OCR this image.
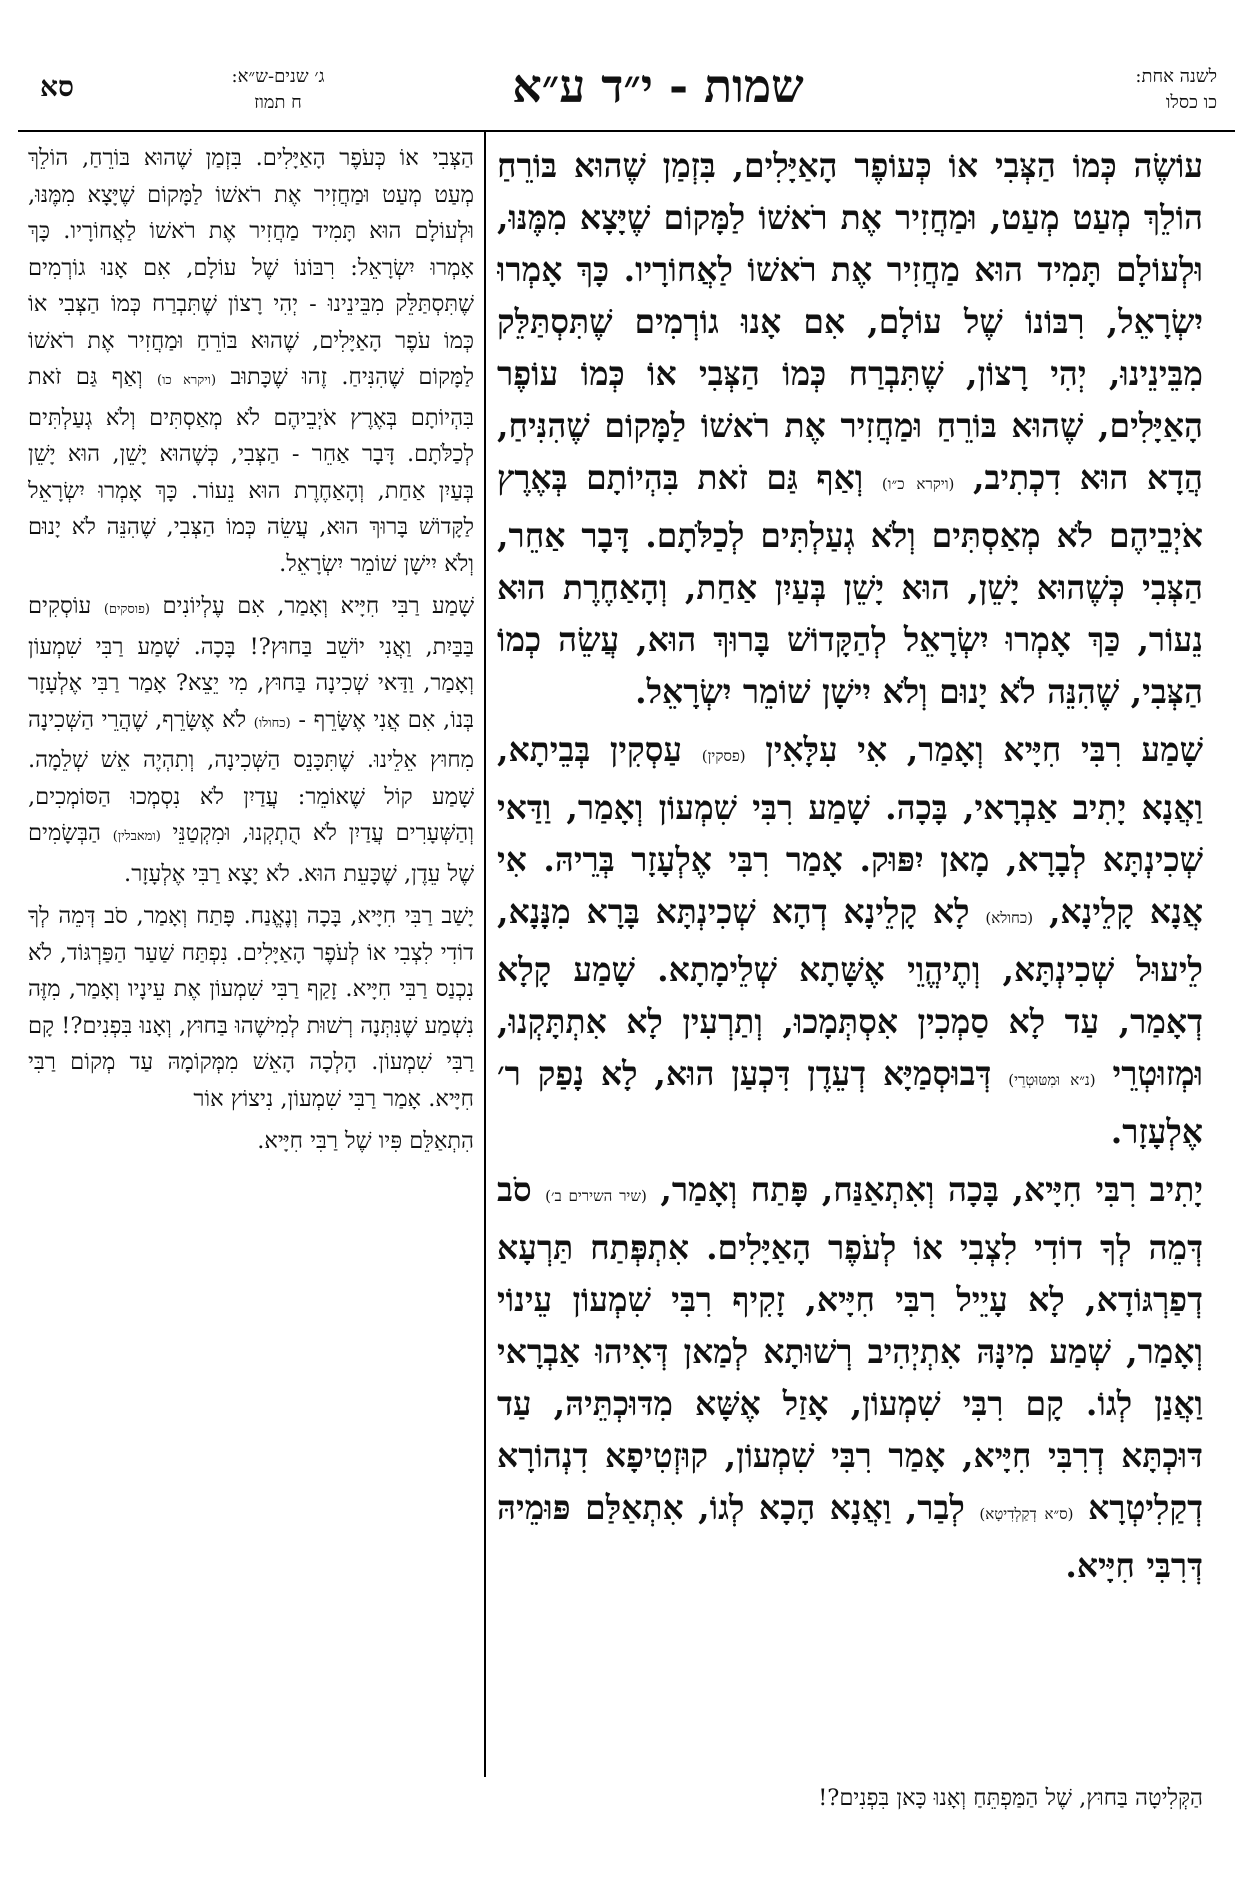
סא	ג׳ שנים-ש״א:
ח תמוז	שמות - י״ד ע״א	לשנה אחת:
כו כסלו

עוֹשֶׂה כְּמוֹ הַצְּבִי אוֹ כְּעוֹפֶר הָאַיָּלִים, בִּזְמַן שֶׁהוּא בּוֹרֵחַ הוֹלֵךְ מְעַט מְעַט, וּמַחֲזִיר אֶת רֹאשׁוֹ לַמָּקוֹם שֶׁיָּצָא מִמֶּנּוּ, וּלְעוֹלָם תָּמִיד הוּא מַחֲזִיר אֶת רֹאשׁוֹ לַאֲחוֹרָיו. כָּךְ אָמְרוּ יִשְׂרָאֵל, רִבּוֹנוֹ שֶׁל עוֹלָם, אִם אָנוּ גוֹרְמִים שֶׁתִּסְתַּלֵּק מִבֵּינֵינוּ, יְהִי רָצוֹן, שֶׁתִּבְרַח כְּמוֹ הַצְּבִי אוֹ כְּמוֹ עוֹפֶר הָאַיָּלִים, שֶׁהוּא בּוֹרֵחַ וּמַחֲזִיר אֶת רֹאשׁוֹ לַמָּקוֹם שֶׁהִנִּיחַ, הֲדָא הוּא דִכְתִיב, (ויקרא כ״ו) וְאַף גַּם זֹאת בִּהְיוֹתָם בְּאֶרֶץ אֹיְבֵיהֶם לֹא מְאַסְתִּים וְלֹא גְעַלְתִּים לְכַלֹּתָם. דָּבָר אַחֵר, הַצְּבִי כְּשֶׁהוּא יָשֵׁן, הוּא יָשֵׁן בְּעַיִן אַחַת, וְהָאַחֶרֶת הוּא נֵעוֹר, כַּךְ אָמְרוּ יִשְׂרָאֵל לְהַקָּדוֹשׁ בָּרוּךְ הוּא, עֲשֵׂה כְמוֹ הַצְּבִי, שֶׁהִנֵּה לֹא יָנוּם וְלֹא יִישָׁן שׁוֹמֵר יִשְׂרָאֵל.

שָׁמַע רִבִּי חִיָּיא וְאָמַר, אִי עִלָּאִין (פסקין) עַסְקִין בְּבֵיתָא, וַאֲנָא יָתִיב אַבְרָאי, בָּכָה. שָׁמַע רִבִּי שִׁמְעוֹן וְאָמַר, וַדַּאי שְׁכִינְתָּא לְבָרָא, מָאן יִפּוּק. אָמַר רִבִּי אֶלְעָזָר בְּרֵיהּ. אִי אֲנָא קָלֵינָא, (כחולא) לָא קָלֵינָא דְהָא שְׁכִינְתָּא בָּרָא מִנָּנָא, לֵיעוּל שְׁכִינְתָּא, וְתֶיהֱוֵי אֶשָּׁתָא שְׁלֵימָתָא. שָׁמַע קָלָא דְאָמַר, עַד לָא סַמְכִין אִסְתְּמָכוּ, וְתַרְעִין לָא אִתְתָּקְנוּ, וּמְזוּטְרֵי (נ״א וּמִטּוּטְרֵי) דְּבוּסְמַיָּא דְעֵדֶן דִּכְעַן הוּא, לָא נָפַק ר׳ אֶלְעָזָר.

יָתִיב רִבִּי חִיָּיא, בָּכָה וְאִתְאַנַּח, פָּתַח וְאָמַר, (שיר השירים ב׳) סֹב דְּמֵה לְךָ דוֹדִי לִצְבִי אוֹ לְעֹפֶר הָאַיָּלִים. אִתְפְּתַח תַּרְעָא דְפַרְגּוֹדָא, לָא עָיֵיל רִבִּי חִיָּיא, זָקִיף רִבִּי שִׁמְעוֹן עֵינוֹי וְאָמַר, שְׁמַע מִינָּהּ אִתְיְהִיב רְשׁוּתָא לְמַאן דְּאִיהוּ אַבְרָאי וַאֲנַן לְגוֹ. קָם רִבִּי שִׁמְעוֹן, אָזַל אֶשָּׁא מִדּוּכְתֵּיהּ, עַד דּוּכְתָּא דְרִבִּי חִיָּיא, אָמַר רִבִּי שִׁמְעוֹן, קוּזְטִיפָא דִנְהוֹרָא דְקַלִיטְרָא (ס״א דְקַלְדִיטָא) לְבַר, וַאֲנָא הָכָא לְגוֹ, אִתְאַלַּם פּוּמֵיהּ דְּרִבִּי חִיָּיא.

הַצְּבִי אוֹ כְּעֹפֶר הָאַיָּלִים. בִּזְמַן שֶׁהוּא בּוֹרֵחַ, הוֹלֵךְ מְעַט מְעַט וּמַחֲזִיר אֶת רֹאשׁוֹ לַמָּקוֹם שֶׁיָּצָא מִמֶּנּוּ, וּלְעוֹלָם הוּא תָּמִיד מַחֲזִיר אֶת רֹאשׁוֹ לַאֲחוֹרָיו. כָּךְ אָמְרוּ יִשְׂרָאֵל: רִבּוֹנוֹ שֶׁל עוֹלָם, אִם אָנוּ גוֹרְמִים שֶׁתִּסְתַּלֵּק מִבֵּינֵינוּ - יְהִי רָצוֹן שֶׁתִּבְרַח כְּמוֹ הַצְּבִי אוֹ כְּמוֹ עֹפֶר הָאַיָּלִים, שֶׁהוּא בּוֹרֵחַ וּמַחֲזִיר אֶת רֹאשׁוֹ לַמָּקוֹם שֶׁהִנִּיחַ. זֶהוּ שֶׁכָּתוּב (ויקרא כו) וְאַף גַּם זֹאת בִּהְיוֹתָם בְּאֶרֶץ אֹיְבֵיהֶם לֹא מְאַסְתִּים וְלֹא גְעַלְתִּים לְכַלֹּתָם. דָּבָר אַחֵר - הַצְּבִי, כְּשֶׁהוּא יָשֵׁן, הוּא יָשֵׁן בְּעַיִן אַחַת, וְהָאַחֶרֶת הוּא נֵעוֹר. כָּךְ אָמְרוּ יִשְׂרָאֵל לַקָּדוֹשׁ בָּרוּךְ הוּא, עֲשֵׂה כְּמוֹ הַצְּבִי, שֶׁהִנֵּה לֹא יָנוּם וְלֹא יִישָׁן שׁוֹמֵר יִשְׂרָאֵל.

שָׁמַע רַבִּי חִיָּיא וְאָמַר, אִם עֶלְיוֹנִים (פוסקים) עוֹסְקִים בַּבַּיִת, וַאֲנִי יוֹשֵׁב בַּחוּץ?! בָּכָה. שָׁמַע רַבִּי שִׁמְעוֹן וְאָמַר, וַדַּאי שְׁכִינָה בַּחוּץ, מִי יֵצֵא? אָמַר רַבִּי אֶלְעָזָר בְּנוֹ, אִם אֲנִי אֶשָּׂרֵף - (כחולו) לֹא אֶשָּׂרֵף, שֶׁהֲרֵי הַשְּׁכִינָה מִחוּץ אֵלֵינוּ. שֶׁתִּכָּנֵס הַשְּׁכִינָה, וְתִהְיֶה אֵשׁ שְׁלֵמָה. שָׁמַע קוֹל שֶׁאוֹמֵר: עֲדַיִן לֹא נִסְמְכוּ הַסּוֹמְכִים, וְהַשְּׁעָרִים עֲדַיִן לֹא הֻתְקְנוּ, וּמִקְטַנֵּי (ומאבלין) הַבְּשָׂמִים שֶׁל עֵדֶן, שֶׁכָּעֵת הוּא. לֹא יָצָא רַבִּי אֶלְעָזָר.

יָשַׁב רַבִּי חִיָּיא, בָּכָה וְנֶאֱנַח. פָּתַח וְאָמַר, סֹב דְּמֵה לְךָ דוֹדִי לִצְבִי אוֹ לְעֹפֶר הָאַיָּלִים. נִפְתַּח שַׁעַר הַפַּרְגּוֹד, לֹא נִכְנַס רַבִּי חִיָּיא. זָקַף רַבִּי שִׁמְעוֹן אֶת עֵינָיו וְאָמַר, מִזֶּה נִשְׁמַע שֶׁנִּתְּנָה רְשׁוּת לְמִישֶׁהוּ בַּחוּץ, וְאָנוּ בִּפְנִים?! קָם רַבִּי שִׁמְעוֹן. הָלְכָה הָאֵשׁ מִמְּקוֹמָהּ עַד מְקוֹם רַבִּי חִיָּיא. אָמַר רַבִּי שִׁמְעוֹן, נִיצוֹץ אוֹר

הִתְאַלֵּם פִּיו שֶׁל רַבִּי חִיָּיא.

הַקְּלִיטָה בַּחוּץ, שֶׁל הַמַּפְתֵּחַ וְאָנוּ כָּאן בִּפְנִים?!
